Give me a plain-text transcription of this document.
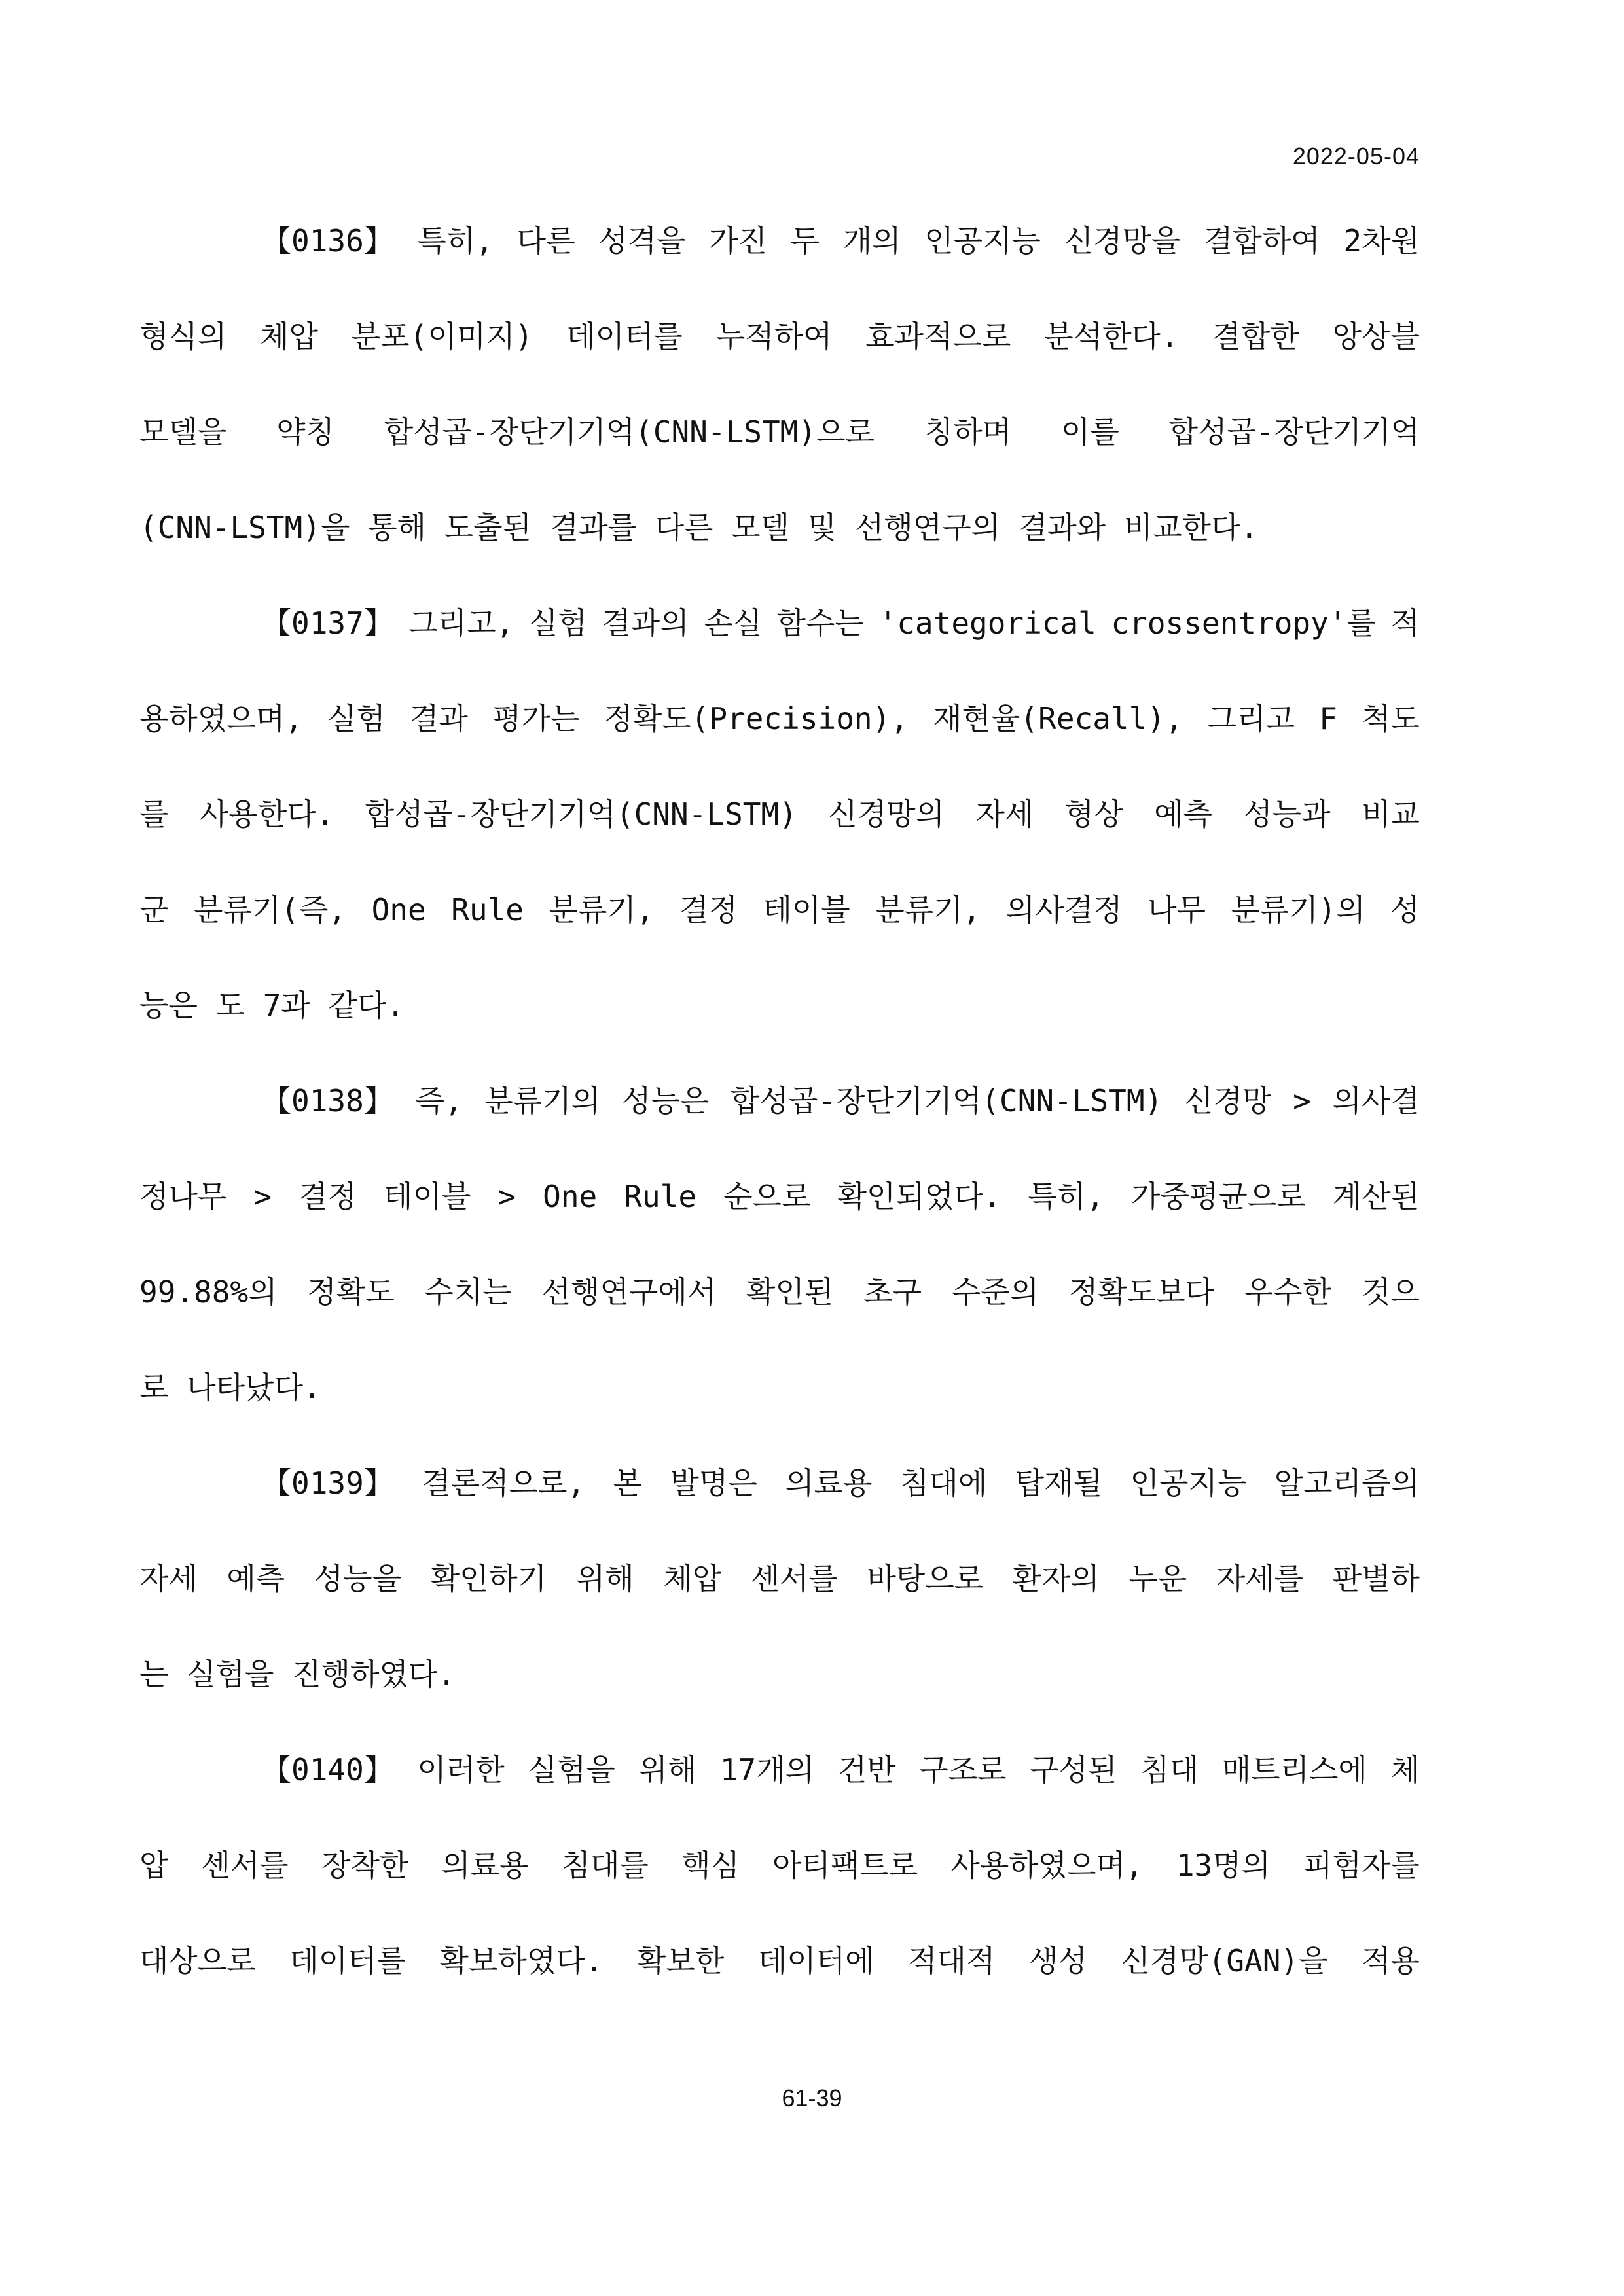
2022-05-04
【0136】 특히, 다른 성격을 가진 두 개의 인공지능 신경망을 결합하여 2차원
형식의 체압 분포(이미지) 데이터를 누적하여 효과적으로 분석한다. 결합한 앙상블
모델을 약칭 합성곱-장단기기억(CNN-LSTM)으로 칭하며 이를 합성곱-장단기기억
(CNN-LSTM)을 통해 도출된 결과를 다른 모델 및 선행연구의 결과와 비교한다.
【0137】 그리고, 실험 결과의 손실 함수는 'categorical crossentropy'를 적
용하였으며, 실험 결과 평가는 정확도(Precision), 재현율(Recall), 그리고 F 척도
를 사용한다. 합성곱-장단기기억(CNN-LSTM) 신경망의 자세 형상 예측 성능과 비교
군 분류기(즉, One Rule 분류기, 결정 테이블 분류기, 의사결정 나무 분류기)의 성
능은 도 7과 같다.
【0138】 즉, 분류기의 성능은 합성곱-장단기기억(CNN-LSTM) 신경망 > 의사결
정나무 > 결정 테이블 > One Rule 순으로 확인되었다. 특히, 가중평균으로 계산된
99.88%의 정확도 수치는 선행연구에서 확인된 초구 수준의 정확도보다 우수한 것으
로 나타났다.
【0139】 결론적으로, 본 발명은 의료용 침대에 탑재될 인공지능 알고리즘의
자세 예측 성능을 확인하기 위해 체압 센서를 바탕으로 환자의 누운 자세를 판별하
는 실험을 진행하였다.
【0140】 이러한 실험을 위해 17개의 건반 구조로 구성된 침대 매트리스에 체
압 센서를 장착한 의료용 침대를 핵심 아티팩트로 사용하였으며, 13명의 피험자를
대상으로 데이터를 확보하였다. 확보한 데이터에 적대적 생성 신경망(GAN)을 적용
61-39
